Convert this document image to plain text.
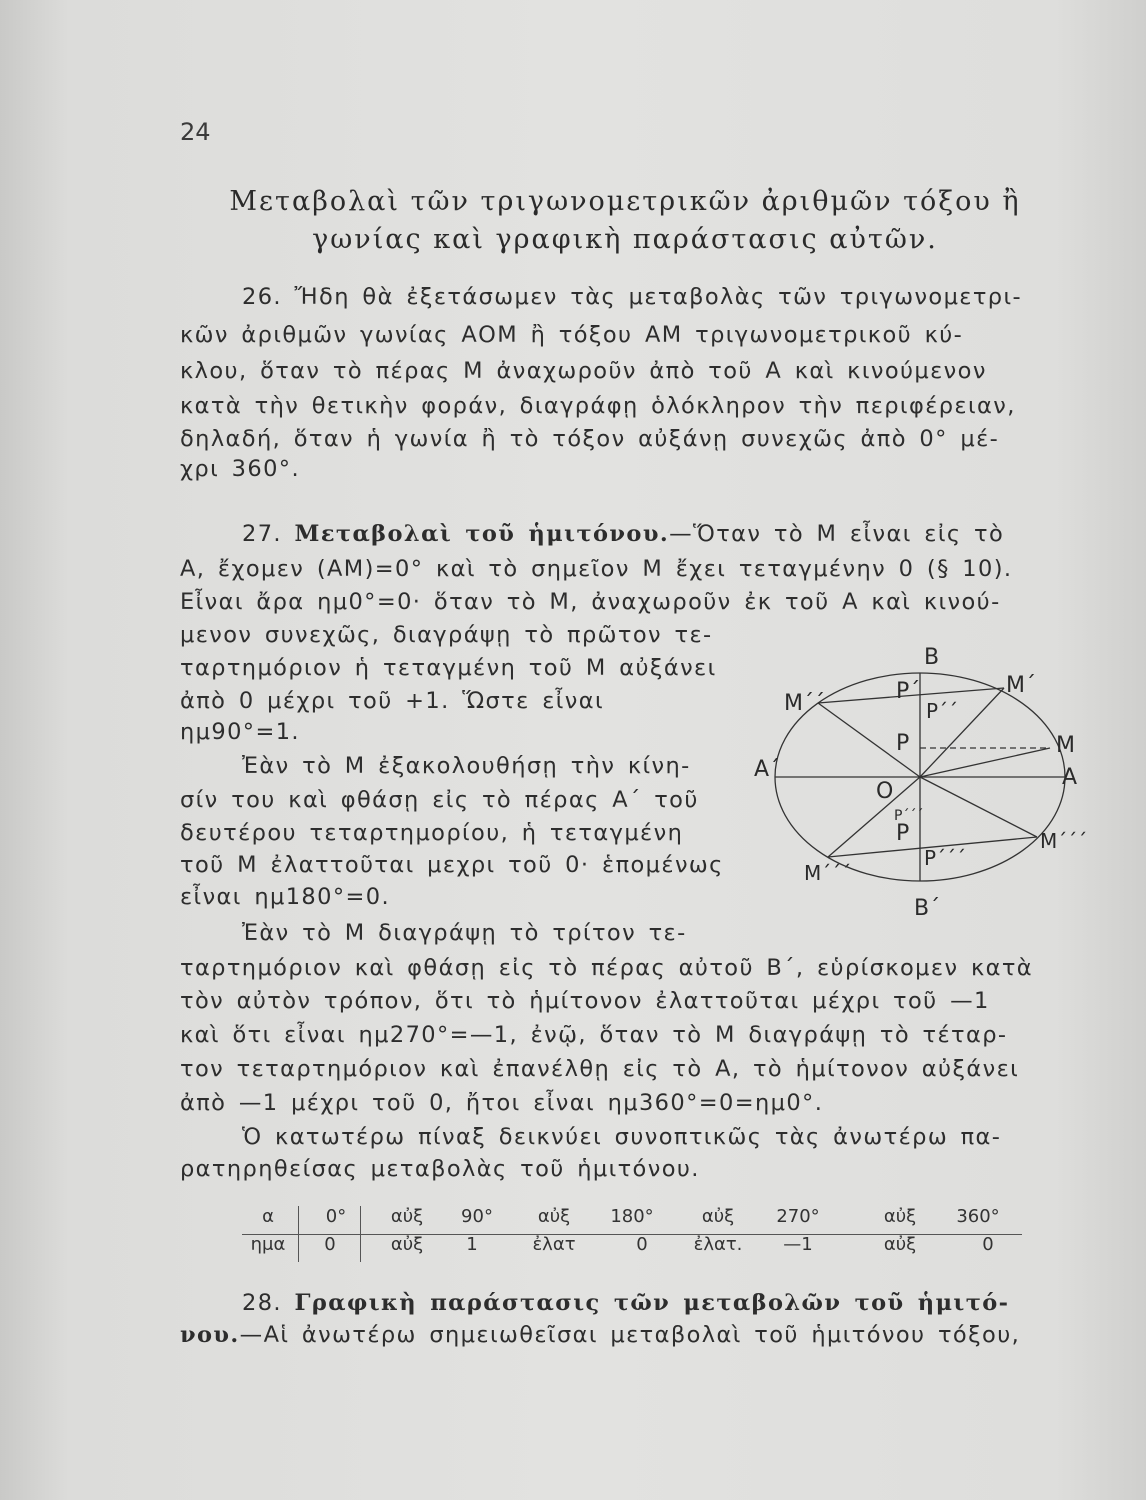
24
Μεταβολαὶ τῶν τριγωνομετρικῶν ἀριθμῶν τόξου ἢ
γωνίας καὶ γραφικὴ παράστασις αὐτῶν.
26. Ἤδη θὰ ἐξετάσωμεν τὰς μεταβολὰς τῶν τριγωνομετρι-
κῶν ἀριθμῶν γωνίας ΑΟΜ ἢ τόξου ΑΜ τριγωνομετρικοῦ κύ-
κλου, ὅταν τὸ πέρας Μ ἀναχωροῦν ἀπὸ τοῦ Α καὶ κινούμενον
κατὰ τὴν θετικὴν φοράν, διαγράφῃ ὁλόκληρον τὴν περιφέρειαν,
δηλαδή, ὅταν ἡ γωνία ἢ τὸ τόξον αὐξάνῃ συνεχῶς ἀπὸ 0° μέ-
χρι 360°.
27. Μεταβολαὶ τοῦ ἡμιτόνου.—Ὅταν τὸ Μ εἶναι εἰς τὸ
Α, ἔχομεν (ΑΜ)=0° καὶ τὸ σημεῖον Μ ἔχει τεταγμένην 0 (§ 10).
Εἶναι ἄρα ημ0°=0· ὅταν τὸ Μ, ἀναχωροῦν ἐκ τοῦ Α καὶ κινού-
μενον συνεχῶς, διαγράψῃ τὸ πρῶτον τε-
ταρτημόριον ἡ τεταγμένη τοῦ Μ αὐξάνει
ἀπὸ 0 μέχρι τοῦ +1. Ὥστε εἶναι
ημ90°=1.
Ἐὰν τὸ Μ ἐξακολουθήσῃ τὴν κίνη-
σίν του καὶ φθάσῃ εἰς τὸ πέρας Α΄ τοῦ
δευτέρου τεταρτημορίου, ἡ τεταγμένη
τοῦ Μ ἐλαττοῦται μεχρι τοῦ 0· ἑπομένως
εἶναι ημ180°=0.
Ἐὰν τὸ Μ διαγράψῃ τὸ τρίτον τε-
ταρτημόριον καὶ φθάσῃ εἰς τὸ πέρας αὐτοῦ Β΄, εὑρίσκομεν κατὰ
τὸν αὐτὸν τρόπον, ὅτι τὸ ἡμίτονον ἐλαττοῦται μέχρι τοῦ —1
καὶ ὅτι εἶναι ημ270°=—1, ἐνῷ, ὅταν τὸ Μ διαγράψῃ τὸ τέταρ-
τον τεταρτημόριον καὶ ἐπανέλθῃ εἰς τὸ Α, τὸ ἡμίτονον αὐξάνει
ἀπὸ —1 μέχρι τοῦ 0, ἤτοι εἶναι ημ360°=0=ημ0°.
Ὁ κατωτέρω πίναξ δεικνύει συνοπτικῶς τὰς ἀνωτέρω πα-
ρατηρηθείσας μεταβολὰς τοῦ ἡμιτόνου.
B
M΄
M΄΄	P΄
P΄΄
P	M
A
A΄
O
P΄΄΄
P
P΄΄΄
M΄΄΄
M΄΄΄
B΄
α	0°	αὐξ	90°	αὐξ	180°	αὐξ	270°	αὐξ	360°
ημα	0	αὐξ	1	ἐλατ	0	ἐλατ.	—1	αὐξ	0
28. Γραφικὴ παράστασις τῶν μεταβολῶν τοῦ ἡμιτό-
νου.—Αἱ ἀνωτέρω σημειωθεῖσαι μεταβολαὶ τοῦ ἡμιτόνου τόξου,
